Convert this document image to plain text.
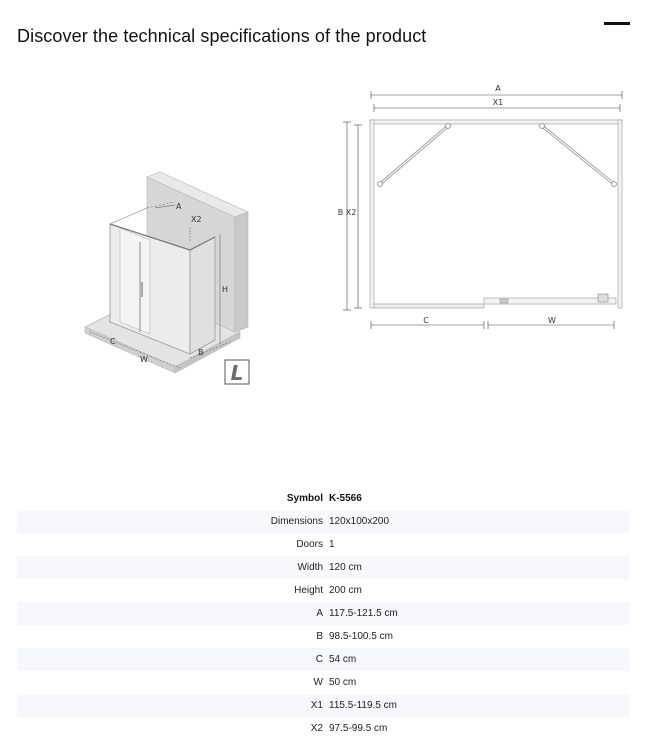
Discover the technical specifications of the product
A
X2
H
C
W
B
L
A
X1
B X2
C	W
Symbol	K-5566
Dimensions	120x100x200
Doors	1
Width	120 cm
Height	200 cm
A	117.5-121.5 cm
B	98.5-100.5 cm
C	54 cm
W	50 cm
X1	115.5-119.5 cm
X2	97.5-99.5 cm
